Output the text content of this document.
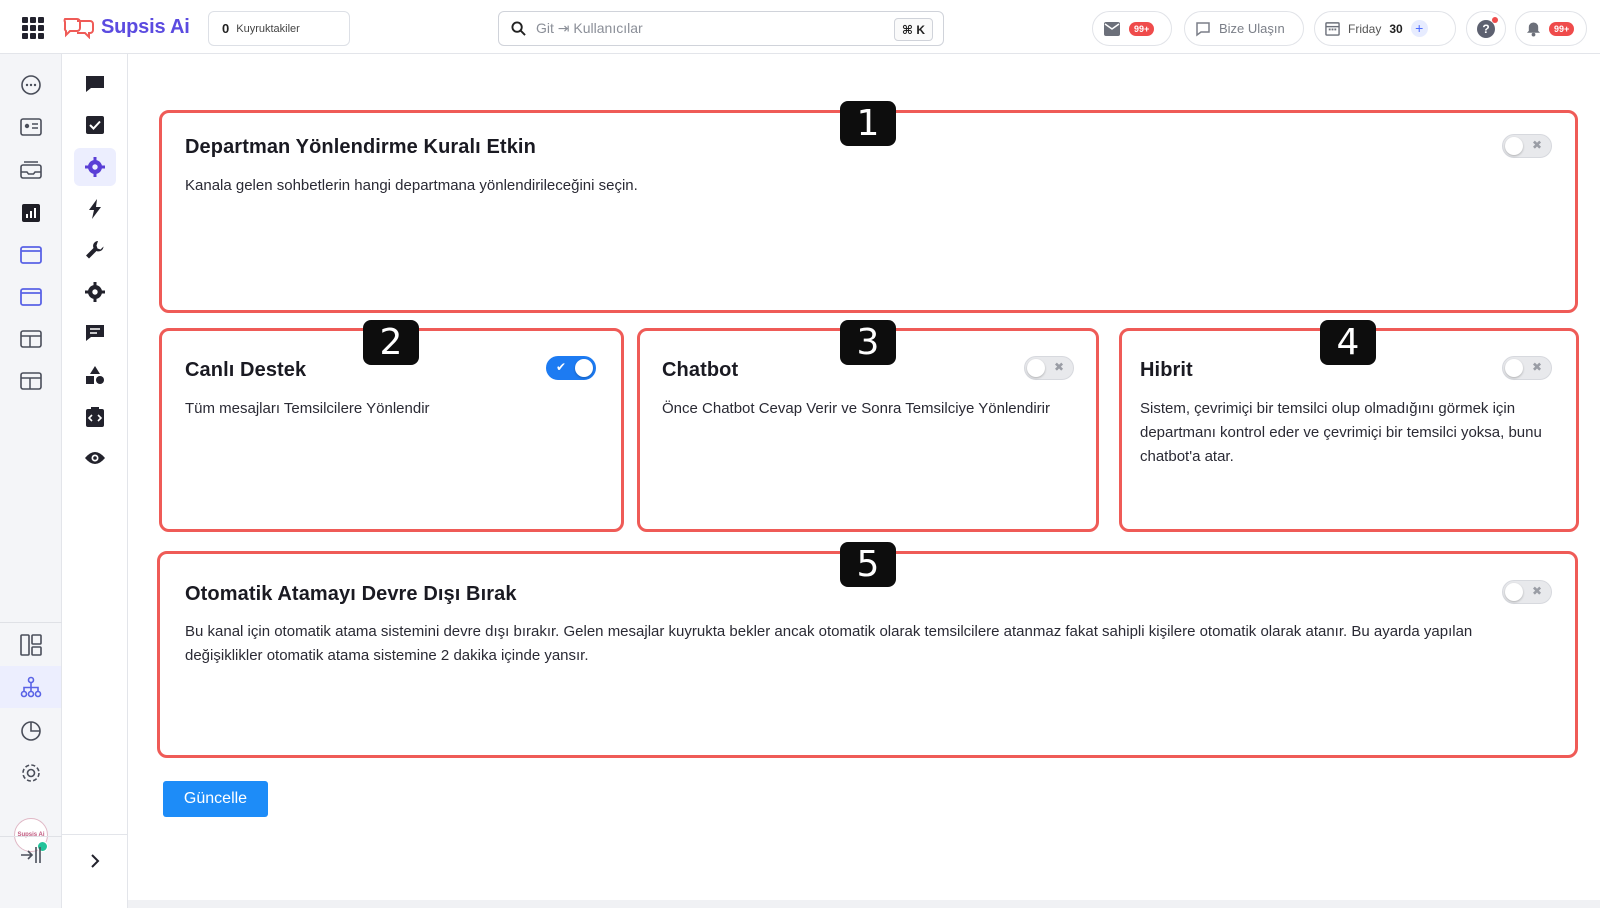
Supsis Ai 0 Kuyruktakiler	Git ⇥ Kullanıcılar	⌘ K	99+	Bize Ulaşın	Friday 30 +	?	99+
Supsis Ai
1
Departman Yönlendirme Kuralı Etkin
Kanala gelen sohbetlerin hangi departmana yönlendirileceğini seçin.
✖
2
Canlı Destek
Tüm mesajları Temsilcilere Yönlendir
✔
3
Chatbot
Önce Chatbot Cevap Verir ve Sonra Temsilciye Yönlendirir
✖
4
Hibrit
Sistem, çevrimiçi bir temsilci olup olmadığını görmek için departmanı kontrol eder ve çevrimiçi bir temsilci yoksa, bunu chatbot'a atar.
✖
5
Otomatik Atamayı Devre Dışı Bırak
Bu kanal için otomatik atama sistemini devre dışı bırakır. Gelen mesajlar kuyrukta bekler ancak otomatik olarak temsilcilere atanmaz fakat sahipli kişilere otomatik olarak atanır. Bu ayarda yapılan değişiklikler otomatik atama sistemine 2 dakika içinde yansır.
✖
Güncelle
